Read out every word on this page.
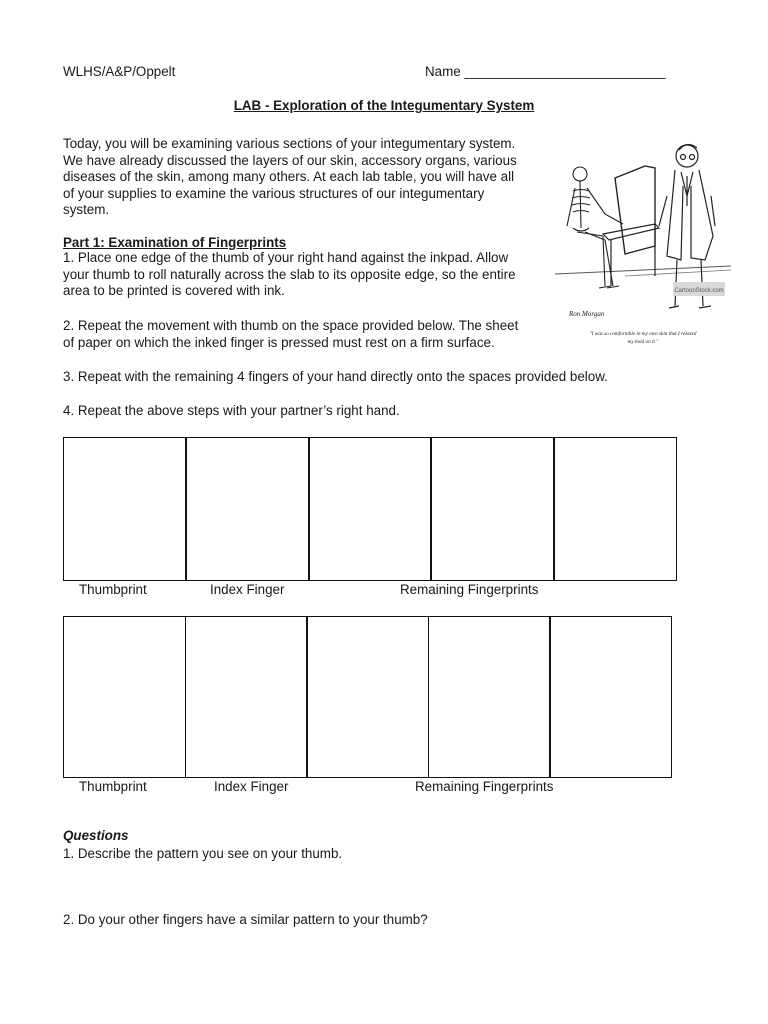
WLHS/A&P/Oppelt	Name ___________________________
LAB - Exploration of the Integumentary System
Today, you will be examining various sections of your integumentary system.
We have already discussed the layers of our skin, accessory organs, various
diseases of the skin, among many others. At each lab table, you will have all
of your supplies to examine the various structures of our integumentary
system.
Part 1: Examination of Fingerprints
1. Place one edge of the thumb of your right hand against the inkpad. Allow
your thumb to roll naturally across the slab to its opposite edge, so the entire
area to be printed is covered with ink.
2. Repeat the movement with thumb on the space provided below. The sheet
of paper on which the inked finger is pressed must rest on a firm surface.
3. Repeat with the remaining 4 fingers of your hand directly onto the spaces provided below.
4. Repeat the above steps with your partner’s right hand.
CartoonStock.com
Ron Morgan
"I was so comfortable in my own skin that I relaxed
my hold on it."
Thumbprint	Index Finger	Remaining Fingerprints
Thumbprint	Index Finger	Remaining Fingerprints
Questions
1. Describe the pattern you see on your thumb.
2. Do your other fingers have a similar pattern to your thumb?
